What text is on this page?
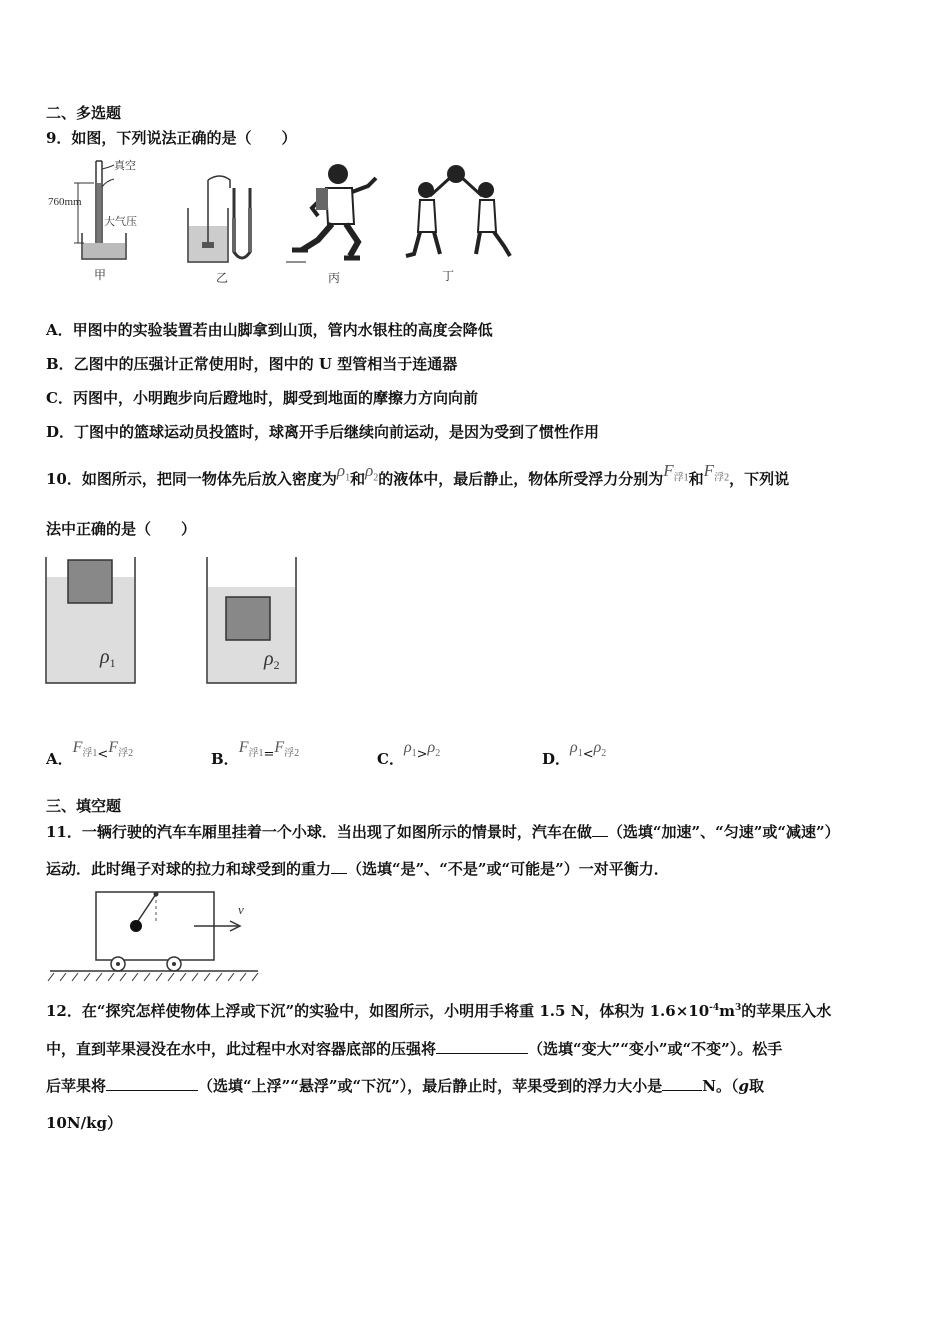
二、多选题
9．如图，下列说法正确的是（　　）
760mm
真空
大气压
甲	乙	丙	丁
A．甲图中的实验装置若由山脚拿到山顶，管内水银柱的高度会降低
B．乙图中的压强计正常使用时，图中的 U 型管相当于连通器
C．丙图中，小明跑步向后蹬地时，脚受到地面的摩擦力方向向前
D．丁图中的篮球运动员投篮时，球离开手后继续向前运动，是因为受到了惯性作用
10．如图所示，把同一物体先后放入密度为$\rho_1$和$\rho_2$的液体中，最后静止，物体所受浮力分别为$F_{浮1}$和$F_{浮2}$，下列说
法中正确的是（　　）
$\rho_1$	$\rho_2$
A．$F_{浮1}<F_{浮2}$	B．$F_{浮1}=F_{浮2}$	C．$\rho_1>\rho_2$	D．$\rho_1<\rho_2$
三、填空题
11．一辆行驶的汽车车厢里挂着一个小球．当出现了如图所示的情景时，汽车在做 （选填“加速”、“匀速”或“减速”）
运动．此时绳子对球的拉力和球受到的重力 （选填“是”、“不是”或“可能是”）一对平衡力．
v
12．在“探究怎样使物体上浮或下沉”的实验中，如图所示，小明用手将重 1.5 N，体积为 $1.6\times 10^{-4}m^3$的苹果压入水
中，直到苹果浸没在水中，此过程中水对容器底部的压强将	（选填“变大”“变小”或“不变”）。松手
后苹果将	（选填“上浮”“悬浮”或“下沉”），最后静止时，苹果受到的浮力大小是	N。（g取
10N/kg）
